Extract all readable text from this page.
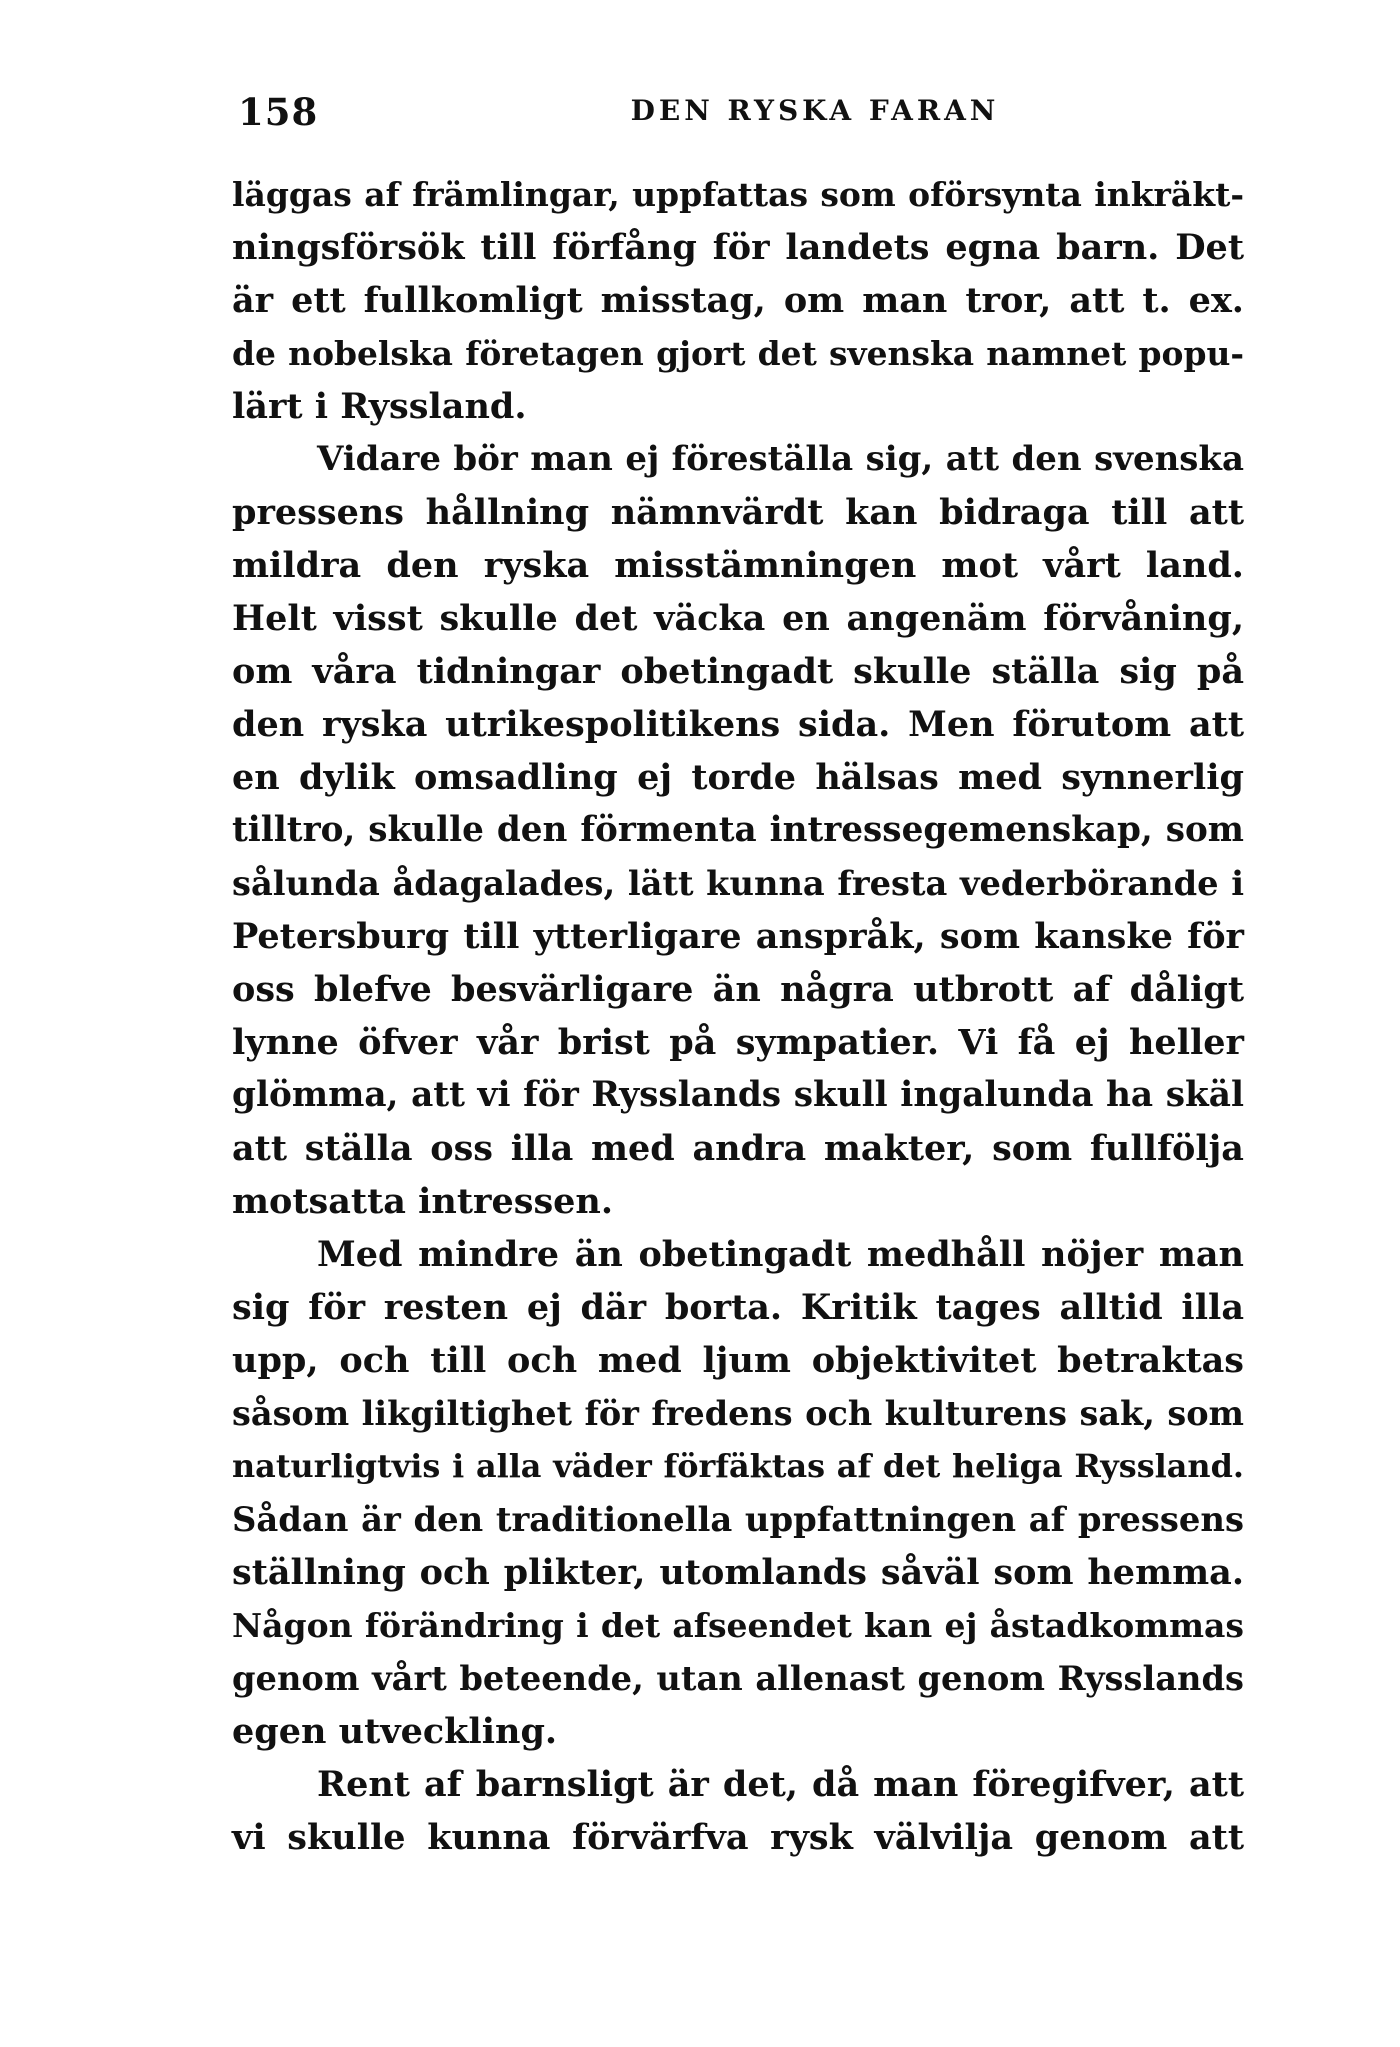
158	DEN RYSKA FARAN
läggas af främlingar, uppfattas som oförsynta inkräkt-
ningsförsök till förfång för landets egna barn. Det
är ett fullkomligt misstag, om man tror, att t. ex.
de nobelska företagen gjort det svenska namnet popu-
lärt i Ryssland.
Vidare bör man ej föreställa sig, att den svenska
pressens hållning nämnvärdt kan bidraga till att
mildra den ryska misstämningen mot vårt land.
Helt visst skulle det väcka en angenäm förvåning,
om våra tidningar obetingadt skulle ställa sig på
den ryska utrikespolitikens sida. Men förutom att
en dylik omsadling ej torde hälsas med synnerlig
tilltro, skulle den förmenta intressegemenskap, som
sålunda ådagalades, lätt kunna fresta vederbörande i
Petersburg till ytterligare anspråk, som kanske för
oss blefve besvärligare än några utbrott af dåligt
lynne öfver vår brist på sympatier. Vi få ej heller
glömma, att vi för Rysslands skull ingalunda ha skäl
att ställa oss illa med andra makter, som fullfölja
motsatta intressen.
Med mindre än obetingadt medhåll nöjer man
sig för resten ej där borta. Kritik tages alltid illa
upp, och till och med ljum objektivitet betraktas
såsom likgiltighet för fredens och kulturens sak, som
naturligtvis i alla väder förfäktas af det heliga Ryssland.
Sådan är den traditionella uppfattningen af pressens
ställning och plikter, utomlands såväl som hemma.
Någon förändring i det afseendet kan ej åstadkommas
genom vårt beteende, utan allenast genom Rysslands
egen utveckling.
Rent af barnsligt är det, då man föregifver, att
vi skulle kunna förvärfva rysk välvilja genom att
